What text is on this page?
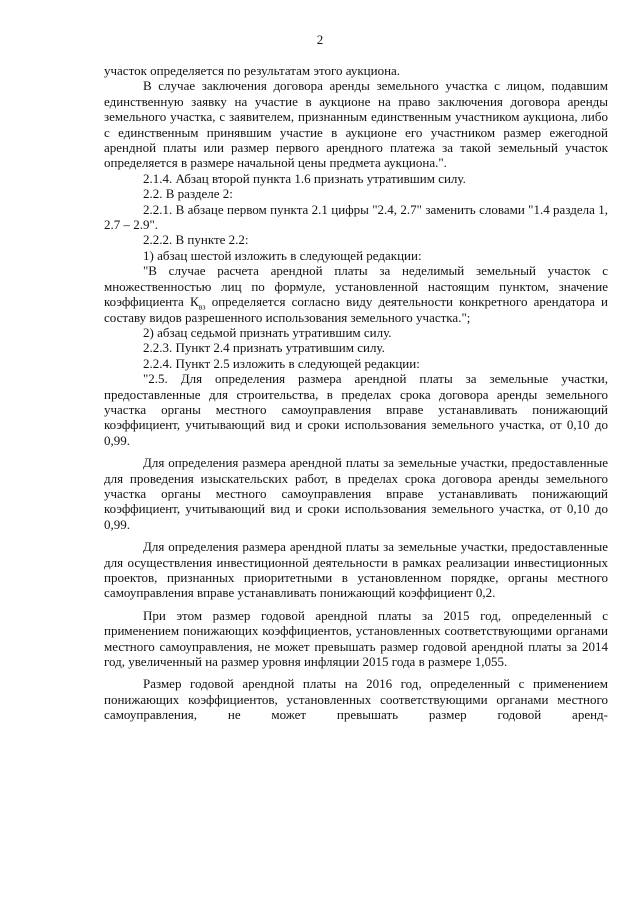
2

участок определяется по результатам этого аукциона.

В случае заключения договора аренды земельного участка с лицом, подавшим единственную заявку на участие в аукционе на право заключения договора аренды земельного участка, с заявителем, признанным единственным участником аукциона, либо с единственным принявшим участие в аукционе его участником размер ежегодной арендной платы или размер первого арендного платежа за такой земельный участок определяется в размере начальной цены предмета аукциона.".

2.1.4. Абзац второй пункта 1.6 признать утратившим силу.

2.2. В разделе 2:

2.2.1. В абзаце первом пункта 2.1 цифры "2.4, 2.7" заменить словами "1.4 раздела 1, 2.7 – 2.9".

2.2.2. В пункте 2.2:

1) абзац шестой изложить в следующей редакции:

"В случае расчета арендной платы за неделимый земельный участок с множественностью лиц по формуле, установленной настоящим пунктом, значение коэффициента $К_{вз}$ определяется согласно виду деятельности конкретного арендатора и составу видов разрешенного использования земельного участка.";

2) абзац седьмой признать утратившим силу.

2.2.3. Пункт 2.4 признать утратившим силу.

2.2.4. Пункт 2.5 изложить в следующей редакции:

"2.5. Для определения размера арендной платы за земельные участки, предоставленные для строительства, в пределах срока договора аренды земельного участка органы местного самоуправления вправе устанавливать понижающий коэффициент, учитывающий вид и сроки использования земельного участка, от 0,10 до 0,99.

Для определения размера арендной платы за земельные участки, предоставленные для проведения изыскательских работ, в пределах срока договора аренды земельного участка органы местного самоуправления вправе устанавливать понижающий коэффициент, учитывающий вид и сроки использования земельного участка, от 0,10 до 0,99.

Для определения размера арендной платы за земельные участки, предоставленные для осуществления инвестиционной деятельности в рамках реализации инвестиционных проектов, признанных приоритетными в установленном порядке, органы местного самоуправления вправе устанавливать понижающий коэффициент 0,2.

При этом размер годовой арендной платы за 2015 год, определенный с применением понижающих коэффициентов, установленных соответствующими органами местного самоуправления, не может превышать размер годовой арендной платы за 2014 год, увеличенный на размер уровня инфляции 2015 года в размере 1,055.

Размер годовой арендной платы на 2016 год, определенный с применением понижающих коэффициентов, установленных соответствующими органами местного самоуправления, не может превышать размер годовой аренд-
